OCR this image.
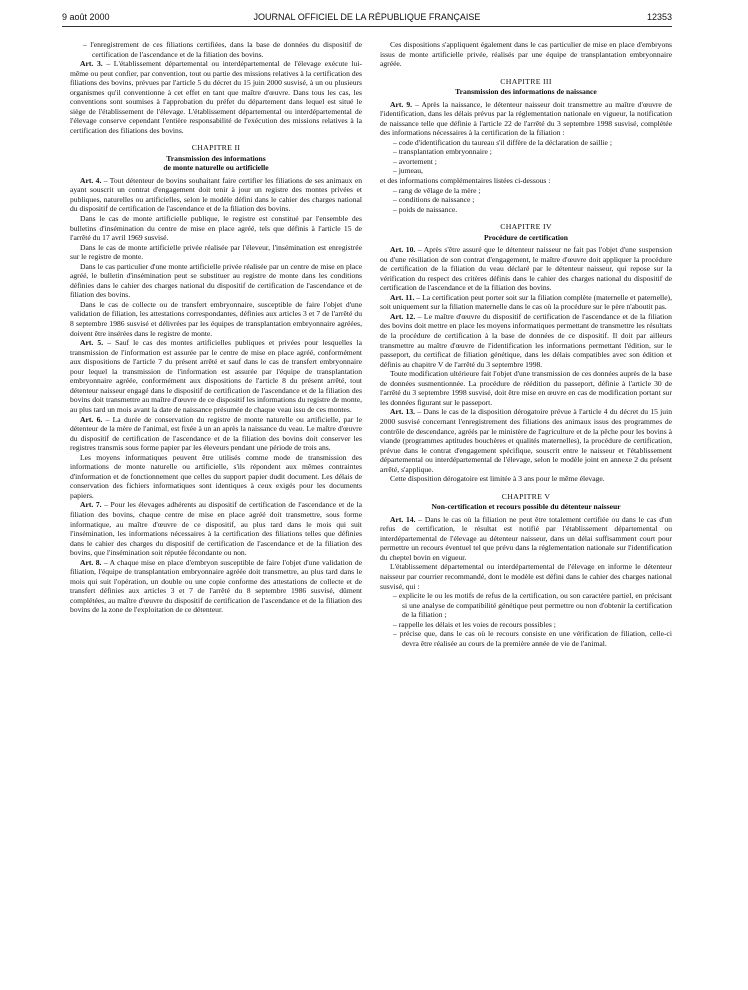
9 août 2000	JOURNAL OFFICIEL DE LA RÉPUBLIQUE FRANÇAISE	12353

– l'enregistrement de ces filiations certifiées, dans la base de données du dispositif de certification de l'ascendance et de la filiation des bovins.

Art. 3. – L'établissement départemental ou interdépartemental de l'élevage exécute lui-même ou peut confier, par convention, tout ou partie des missions relatives à la certification des filiations des bovins, prévues par l'article 5 du décret du 15 juin 2000 susvisé, à un ou plusieurs organismes qu'il conventionne à cet effet en tant que maître d'œuvre. Dans tous les cas, les conventions sont soumises à l'approbation du préfet du département dans lequel est situé le siège de l'établissement de l'élevage. L'établissement départemental ou interdépartemental de l'élevage conserve cependant l'entière responsabilité de l'exécution des missions relatives à la certification des filiations des bovins.

CHAPITRE II
Transmission des informations
de monte naturelle ou artificielle

Art. 4. – Tout détenteur de bovins souhaitant faire certifier les filiations de ses animaux en ayant souscrit un contrat d'engagement doit tenir à jour un registre des montes privées et publiques, naturelles ou artificielles, selon le modèle défini dans le cahier des charges national du dispositif de certification de l'ascendance et de la filiation des bovins.

Dans le cas de monte artificielle publique, le registre est constitué par l'ensemble des bulletins d'insémination du centre de mise en place agréé, tels que définis à l'article 15 de l'arrêté du 17 avril 1969 susvisé.

Dans le cas de monte artificielle privée réalisée par l'éleveur, l'insémination est enregistrée sur le registre de monte.

Dans le cas particulier d'une monte artificielle privée réalisée par un centre de mise en place agréé, le bulletin d'insémination peut se substituer au registre de monte dans les conditions définies dans le cahier des charges national du dispositif de certification de l'ascendance et de filiation des bovins.

Dans le cas de collecte ou de transfert embryonnaire, susceptible de faire l'objet d'une validation de filiation, les attestations correspondantes, définies aux articles 3 et 7 de l'arrêté du 8 septembre 1986 susvisé et délivrées par les équipes de transplantation embryonnaire agréées, doivent être insérées dans le registre de monte.

Art. 5. – Sauf le cas des montes artificielles publiques et privées pour lesquelles la transmission de l'information est assurée par le centre de mise en place agréé, conformément aux dispositions de l'article 7 du présent arrêté et sauf dans le cas de transfert embryonnaire pour lequel la transmission de l'information est assurée par l'équipe de transplantation embryonnaire agréée, conformément aux dispositions de l'article 8 du présent arrêté, tout détenteur naisseur engagé dans le dispositif de certification de l'ascendance et de la filiation des bovins doit transmettre au maître d'œuvre de ce dispositif les informations du registre de monte, au plus tard un mois avant la date de naissance présumée de chaque veau issu de ces montes.

Art. 6. – La durée de conservation du registre de monte naturelle ou artificielle, par le détenteur de la mère de l'animal, est fixée à un an après la naissance du veau. Le maître d'œuvre du dispositif de certification de l'ascendance et de la filiation des bovins doit conserver les registres transmis sous forme papier par les éleveurs pendant une période de trois ans.

Les moyens informatiques peuvent être utilisés comme mode de transmission des informations de monte naturelle ou artificielle, s'ils répondent aux mêmes contraintes d'information et de fonctionnement que celles du support papier dudit document. Les délais de conservation des fichiers informatiques sont identiques à ceux exigés pour les documents papiers.

Art. 7. – Pour les élevages adhérents au dispositif de certification de l'ascendance et de la filiation des bovins, chaque centre de mise en place agréé doit transmettre, sous forme informatique, au maître d'œuvre de ce dispositif, au plus tard dans le mois qui suit l'insémination, les informations nécessaires à la certification des filiations telles que définies dans le cahier des charges du dispositif de certification de l'ascendance et de la filiation des bovins, que l'insémination soit réputée fécondante ou non.

Art. 8. – A chaque mise en place d'embryon susceptible de faire l'objet d'une validation de filiation, l'équipe de transplantation embryonnaire agréée doit transmettre, au plus tard dans le mois qui suit l'opération, un double ou une copie conforme des attestations de collecte et de transfert définies aux articles 3 et 7 de l'arrêté du 8 septembre 1986 susvisé, dûment complétées, au maître d'œuvre du dispositif de certification de l'ascendance et de la filiation des bovins de la zone de l'exploitation de ce détenteur.

Ces dispositions s'appliquent également dans le cas particulier de mise en place d'embryons issus de monte artificielle privée, réalisés par une équipe de transplantation embryonnaire agréée.

CHAPITRE III
Transmission des informations de naissance

Art. 9. – Après la naissance, le détenteur naisseur doit transmettre au maître d'œuvre de l'identification, dans les délais prévus par la réglementation nationale en vigueur, la notification de naissance telle que définie à l'article 22 de l'arrêté du 3 septembre 1998 susvisé, complétée des informations nécessaires à la certification de la filiation :

– code d'identification du taureau s'il diffère de la déclaration de saillie ;

– transplantation embryonnaire ;

– avortement ;

– jumeau,

et des informations complémentaires listées ci-dessous :

– rang de vêlage de la mère ;

– conditions de naissance ;

– poids de naissance.

CHAPITRE IV
Procédure de certification

Art. 10. – Après s'être assuré que le détenteur naisseur ne fait pas l'objet d'une suspension ou d'une résiliation de son contrat d'engagement, le maître d'œuvre doit appliquer la procédure de certification de la filiation du veau déclaré par le détenteur naisseur, qui repose sur la vérification du respect des critères définis dans le cahier des charges national du dispositif de certification de l'ascendance et de la filiation des bovins.

Art. 11. – La certification peut porter soit sur la filiation complète (maternelle et paternelle), soit uniquement sur la filiation maternelle dans le cas où la procédure sur le père n'aboutit pas.

Art. 12. – Le maître d'œuvre du dispositif de certification de l'ascendance et de la filiation des bovins doit mettre en place les moyens informatiques permettant de transmettre les résultats de la procédure de certification à la base de données de ce dispositif. Il doit par ailleurs transmettre au maître d'œuvre de l'identification les informations permettant l'édition, sur le passeport, du certificat de filiation génétique, dans les délais compatibles avec son édition et définis au chapitre V de l'arrêté du 3 septembre 1998.

Toute modification ultérieure fait l'objet d'une transmission de ces données auprès de la base de données susmentionnée. La procédure de réédition du passeport, définie à l'article 30 de l'arrêté du 3 septembre 1998 susvisé, doit être mise en œuvre en cas de modification portant sur les données figurant sur le passeport.

Art. 13. – Dans le cas de la disposition dérogatoire prévue à l'article 4 du décret du 15 juin 2000 susvisé concernant l'enregistrement des filiations des animaux issus des programmes de contrôle de descendance, agréés par le ministère de l'agriculture et de la pêche pour les bovins à viande (programmes aptitudes bouchères et qualités maternelles), la procédure de certification, prévue dans le contrat d'engagement spécifique, souscrit entre le naisseur et l'établissement départemental ou interdépartemental de l'élevage, selon le modèle joint en annexe 2 du présent arrêté, s'applique.

Cette disposition dérogatoire est limitée à 3 ans pour le même élevage.

CHAPITRE V
Non-certification et recours possible du détenteur naisseur

Art. 14. – Dans le cas où la filiation ne peut être totalement certifiée ou dans le cas d'un refus de certification, le résultat est notifié par l'établissement départemental ou interdépartemental de l'élevage au détenteur naisseur, dans un délai suffisamment court pour permettre un recours éventuel tel que prévu dans la réglementation nationale sur l'identification du cheptel bovin en vigueur.

L'établissement départemental ou interdépartemental de l'élevage en informe le détenteur naisseur par courrier recommandé, dont le modèle est défini dans le cahier des charges national susvisé, qui :

– explicite le ou les motifs de refus de la certification, ou son caractère partiel, en précisant si une analyse de compatibilité génétique peut permettre ou non d'obtenir la certification de la filiation ;

– rappelle les délais et les voies de recours possibles ;

– précise que, dans le cas où le recours consiste en une vérification de filiation, celle-ci devra être réalisée au cours de la première année de vie de l'animal.
